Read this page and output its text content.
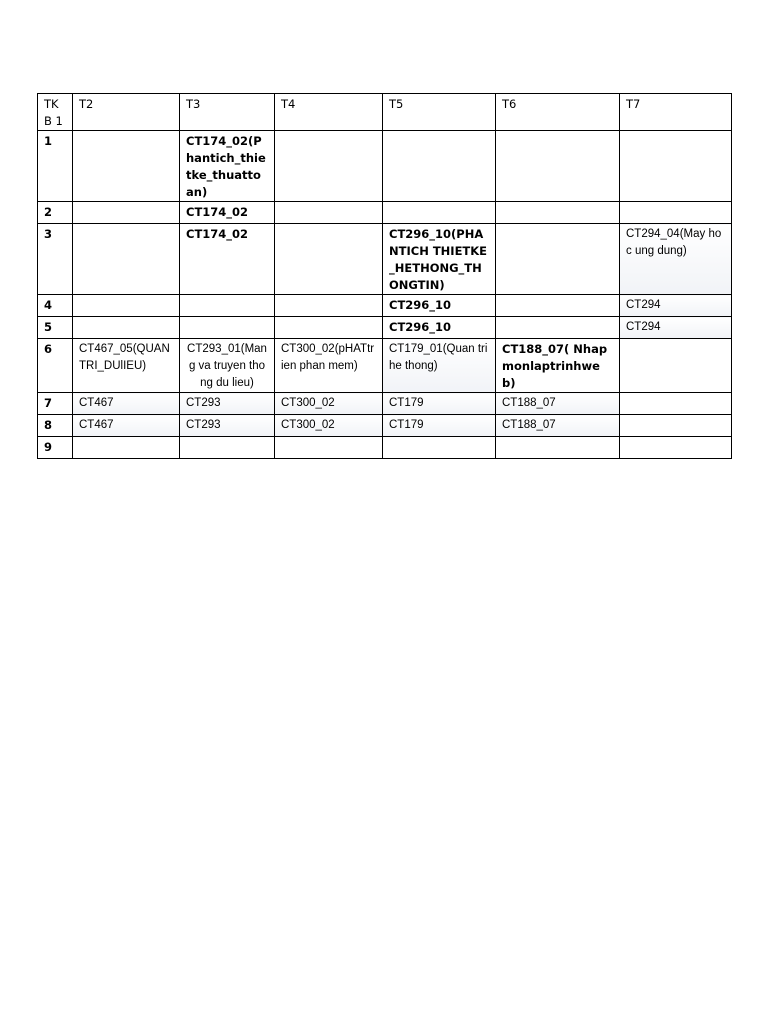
TKB 1	T2	T3	T4	T5	T6	T7
1		CT174_02(Phantich_thietke_thuattoan)				
2		CT174_02				
3		CT174_02		CT296_10(PHANTICH THIETKE_HETHONG_THONGTIN)		CT294_04(May hoc ung dung)
4				CT296_10		CT294
5				CT296_10		CT294
6	CT467_05(QUANTRI_DUlIEU)	CT293_01(Mang va truyen thong du lieu)	CT300_02(pHATtrien phan mem)	CT179_01(Quan tri he thong)	CT188_07( Nhapmonlaptrinhweb)	
7	CT467	CT293	CT300_02	CT179	CT188_07	
8	CT467	CT293	CT300_02	CT179	CT188_07	
9						
